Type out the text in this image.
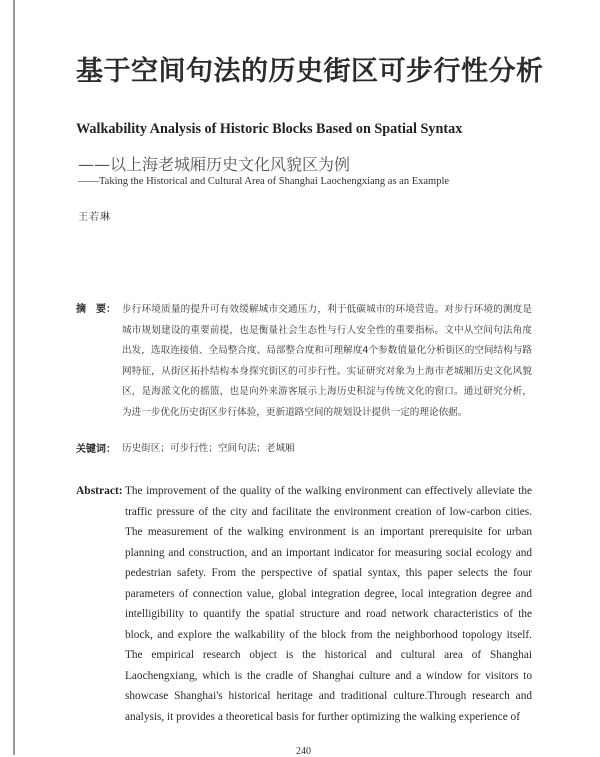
基于空间句法的历史街区可步行性分析
Walkability Analysis of Historic Blocks Based on Spatial Syntax
——以上海老城厢历史文化风貌区为例
——Taking the Historical and Cultural Area of Shanghai Laochengxiang as an Example
王若琳
摘　要： 步行环境质量的提升可有效缓解城市交通压力，利于低碳城市的环境营造。对步行环境的测度是城市规划建设的重要前提，也是衡量社会生态性与行人安全性的重要指标。文中从空间句法角度出发，选取连接值、全局整合度、局部整合度和可理解度4个参数值量化分析街区的空间结构与路网特征，从街区拓扑结构本身探究街区的可步行性。实证研究对象为上海市老城厢历史文化风貌区，是海派文化的摇篮，也是向外来游客展示上海历史积淀与传统文化的窗口。通过研究分析，为进一步优化历史街区步行体验，更新道路空间的规划设计提供一定的理论依据。
关键词： 历史街区；可步行性；空间句法；老城厢
Abstract: The improvement of the quality of the walking environment can effectively alleviate the traffic pressure of the city and facilitate the environment creation of low-carbon cities. The measurement of the walking environment is an important prerequisite for urban planning and construction, and an important indicator for measuring social ecology and pedestrian safety. From the perspective of spatial syntax, this paper selects the four parameters of connection value, global integration degree, local integration degree and intelligibility to quantify the spatial structure and road network characteristics of the block, and explore the walkability of the block from the neighborhood topology itself. The empirical research object is the historical and cultural area of Shanghai Laochengxiang, which is the cradle of Shanghai culture and a window for visitors to showcase Shanghai's historical heritage and traditional culture.Through research and analysis, it provides a theoretical basis for further optimizing the walking experience of
240
